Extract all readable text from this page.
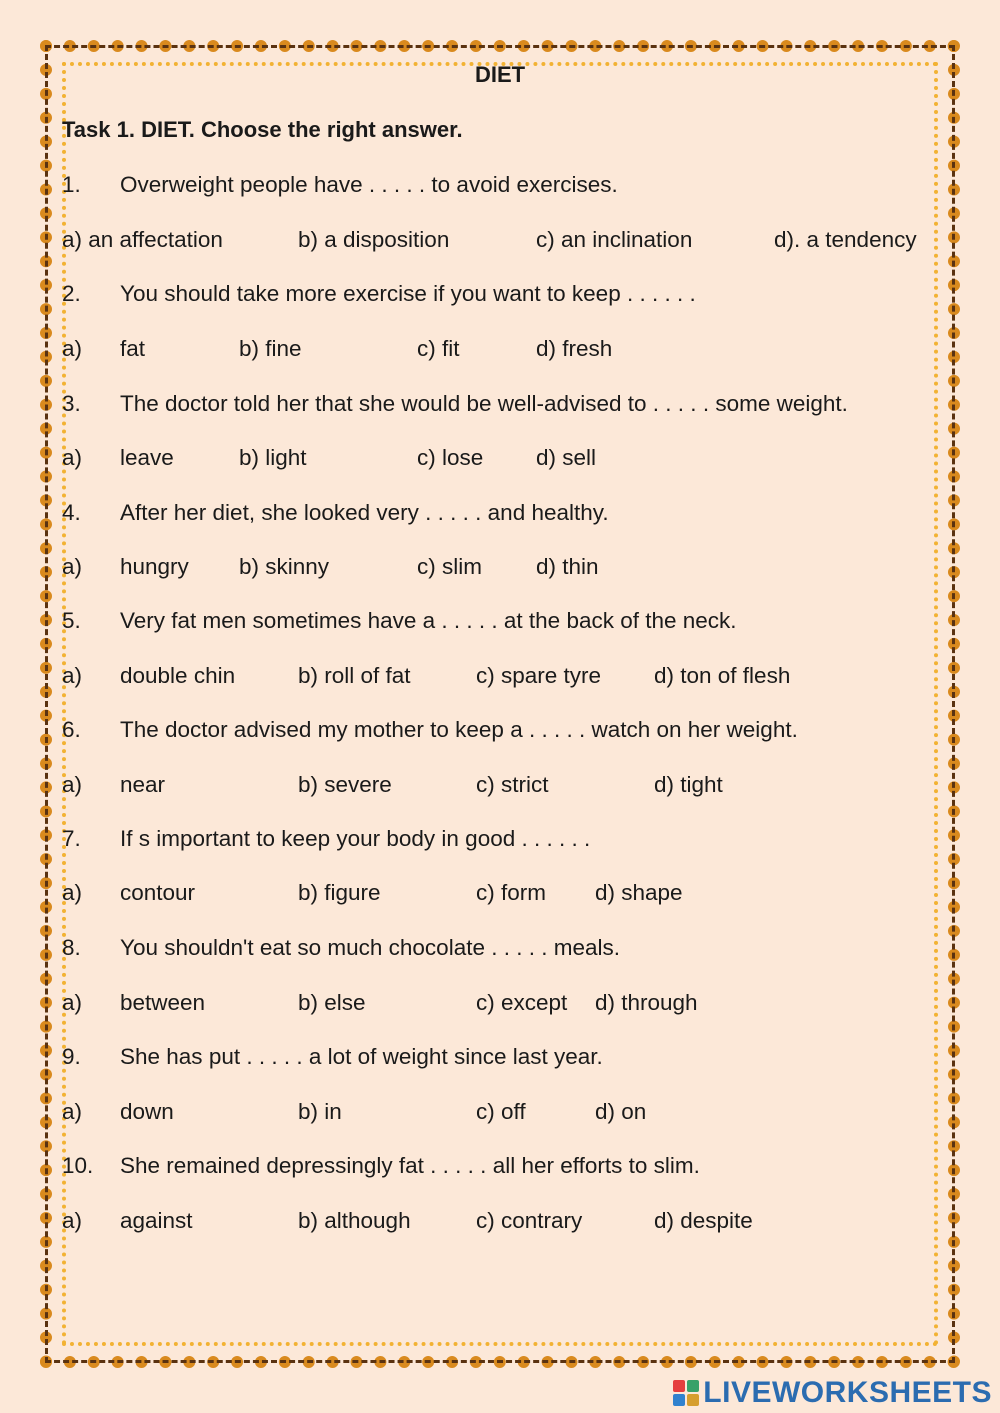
DIET
Task 1. DIET. Choose the right answer.
1. Overweight people have . . . . . to avoid exercises.
a) an affectation	b) a disposition	c) an inclination	d). a tendency
2. You should take more exercise if you want to keep . . . . . .
a) fat	b) fine	c) fit	d) fresh
3. The doctor told her that she would be well-advised to . . . . . some weight.
a) leave	b) light	c) lose d) sell
4. After her diet, she looked very . . . . . and healthy.
a) hungry b) skinny	c) slim d) thin
5. Very fat men sometimes have a . . . . . at the back of the neck.
a) double chin	b) roll of fat	c) spare tyre d) ton of flesh
6. The doctor advised my mother to keep a . . . . . watch on her weight.
a) near	b) severe	c) strict	d) tight
7. If s important to keep your body in good . . . . . .
a) contour	b) figure	c) form d) shape
8. You shouldn't eat so much chocolate . . . . . meals.
a) between	b) else	c) except d) through
9. She has put . . . . . a lot of weight since last year.
a) down	b) in	c) off	d) on
10. She remained depressingly fat . . . . . all her efforts to slim.
a) against	b) although	c) contrary	d) despite
LIVEWORKSHEETS
